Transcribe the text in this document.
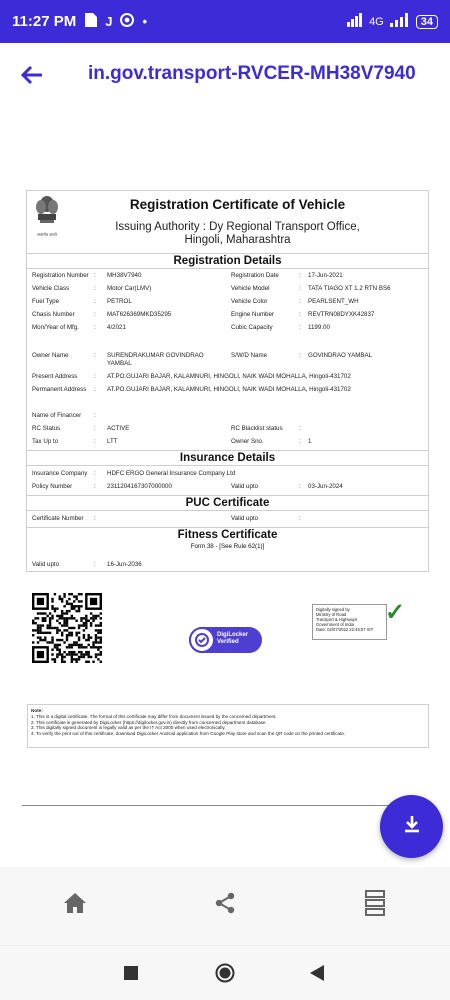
11:27 PM J •	4G	34
in.gov.transport-RVCER-MH38V7940
सत्यमेव जयते
Registration Certificate of Vehicle
Issuing Authority : Dy Regional Transport Office,
Hingoli, Maharashtra
Registration Details
Registration Number : MH38V7940	Registration Date	: 17-Jun-2021
Vehicle Class	: Motor Car(LMV)	Vehicle Model	: TATA TIAGO XT 1.2 RTN BS6
Fuel Type	: PETROL	Vehicle Color	: PEARLSENT_WH
Chasis Number	: MAT626369MKD35295	Engine Number	: REVTRN08DYXK42837
Mon/Year of Mfg. : 4/2021	Cubic Capacity	: 1199.00
Owner Name	: SURENDRAKUMAR GOVINDRAO
YAMBAL
S/W/D Name	: GOVINDRAO YAMBAL
Present Address	: AT.PO.GUJARI BAJAR, KALAMNURI, HINGOLI, NAIK WADI MOHALLA, Hingoli-431702
Permanent Address : AT.PO.GUJARI BAJAR, KALAMNURI, HINGOLI, NAIK WADI MOHALLA, Hingoli-431702
Name of Financer :
RC Status	: ACTIVE	RC Blacklist status	:
Tax Up to	: LTT	Owner Sno.	: 1
Insurance Details
Insurance Company : HDFC ERGO General Insurance Company Ltd
Policy Number	: 2311204167307000000	Valid upto	: 03-Jun-2024
PUC Certificate
Certificate Number :	Valid upto	:
Fitness Certificate
Form 38 - [See Rule 62(1)]
Valid upto	: 16-Jun-2036
DigiLocker
Verified
Digitally signed by
Ministry of Road
Transport & Highways
Government of India
Date: 02/07/2022 22:46:07 IST
✓
Note:
1. This is a digital certificate. The format of this certificate may differ from document issued by the concerned department.
2. This certificate is generated by DigiLocker (https://digilocker.gov.in) directly from concerned department database.
3. This digitally signed document is legally valid as per the IT Act 2000 when used electronically.
4. To verify the print out of this certificate, download DigiLocker Android application from Google Play store and scan the QR code on the printed certificate.
